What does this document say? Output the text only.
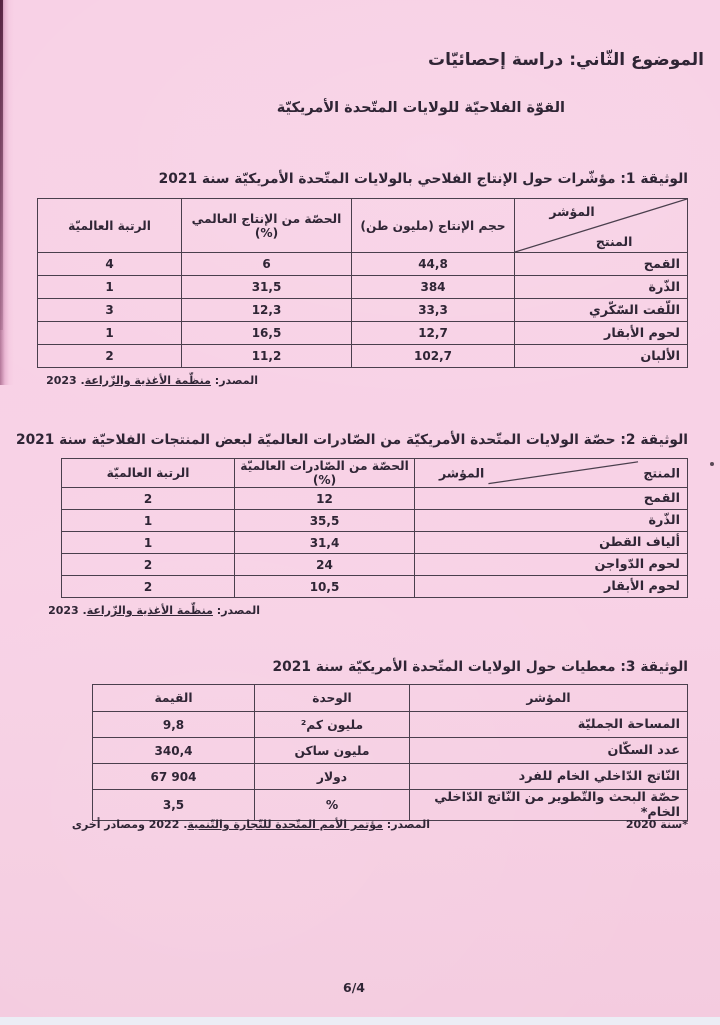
الموضوع الثّاني: دراسة إحصائيّات
القوّة الفلاحيّة للولايات المتّحدة الأمريكيّة
الوثيقة 1: مؤشّرات حول الإنتاج الفلاحي بالولايات المتّحدة الأمريكيّة سنة 2021
المؤشر
المنتج	حجم الإنتاج (مليون طن)	الحصّة من الإنتاج العالمي (%)	الرتبة العالميّة
القمح	44,8	6	4
الذّرة	384	31,5	1
اللّفت السّكّري	33,3	12,3	3
لحوم الأبقار	12,7	16,5	1
الألبان	102,7	11,2	2
المصدر: منظّمة الأغذية والزّراعة. 2023
الوثيقة 2: حصّة الولايات المتّحدة الأمريكيّة من الصّادرات العالميّة لبعض المنتجات الفلاحيّة سنة 2021
المنتج
المؤشر	الحصّة من الصّادرات العالميّة (%)	الرتبة العالميّة
القمح	12	2
الذّرة	35,5	1
ألياف القطن	31,4	1
لحوم الدّواجن	24	2
لحوم الأبقار	10,5	2
المصدر: منظّمة الأغذية والزّراعة. 2023
الوثيقة 3: معطيات حول الولايات المتّحدة الأمريكيّة سنة 2021
المؤشر	الوحدة	القيمة
المساحة الجمليّة	مليون كم²	9,8
عدد السكّان	مليون ساكن	340,4
النّاتج الدّاخلي الخام للفرد	دولار	67 904
حصّة البحث والتّطوير من النّاتج الدّاخلي الخام*	%	3,5
*سنة 2020
المصدر: مؤتمر الأمم المتّحدة للتّجارة والتّنمية. 2022 ومصادر أخرى
6/4
